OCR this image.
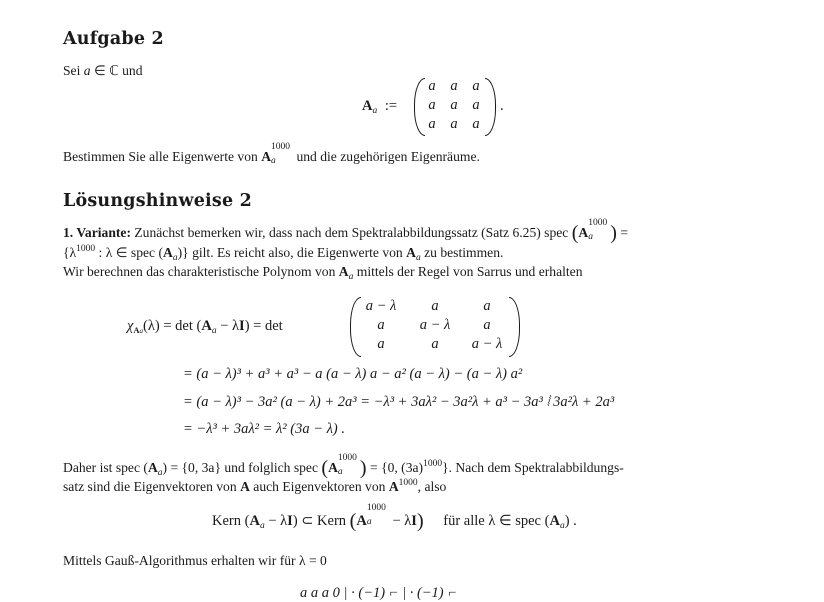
Aufgabe 2
Sei a ∈ ℂ und
$A_a$ :=
a	a	a
a	a	a
a	a	a
.
Bestimmen Sie alle Eigenwerte von A
1000
a und die zugehörigen Eigenräume.
Lösungshinweise 2
1. Variante: Zunächst bemerken wir, dass nach dem Spektralabbildungssatz (Satz 6.25) spec (A
1000
a ) =
{$\lambda^{1000}$ : λ ∈ spec $(A_a)$} gilt. Es reicht also, die Eigenwerte von $A_a$ zu bestimmen.
Wir berechnen das charakteristische Polynom von $A_a$ mittels der Regel von Sarrus und erhalten
$\chi_{Aa}(\lambda) = \det (A_a - \lambda I) = \det$
a − λ	a	a
a	a − λ	a
a	a	a − λ
= (a − λ)³ + a³ + a³ − a (a − λ) a − a² (a − λ) − (a − λ) a²
= (a − λ)³ − 3a² (a − λ) + 2a³ = −λ³ + 3aλ² − 3a²λ + a³ − 3a³ ⦚ 3a²λ + 2a³
= −λ³ + 3aλ² = λ² (3a − λ) .
Daher ist spec $(A_a) = \{0$, 3a} und folglich spec (A
1000
a ) = {0, $(3a)^{1000}$}. Nach dem Spektralabbildungs-
satz sind die Eigenvektoren von A auch Eigenvektoren von $A^{1000}$, also
Kern $(A_a - \lambda I)$ ⊂ Kern (A
1000
a − λI) für alle λ ∈ spec $(A_a)$ .
Mittels Gauß-Algorithmus erhalten wir für λ = 0
a a a 0 | · (−1) ⌐ | · (−1) ⌐
